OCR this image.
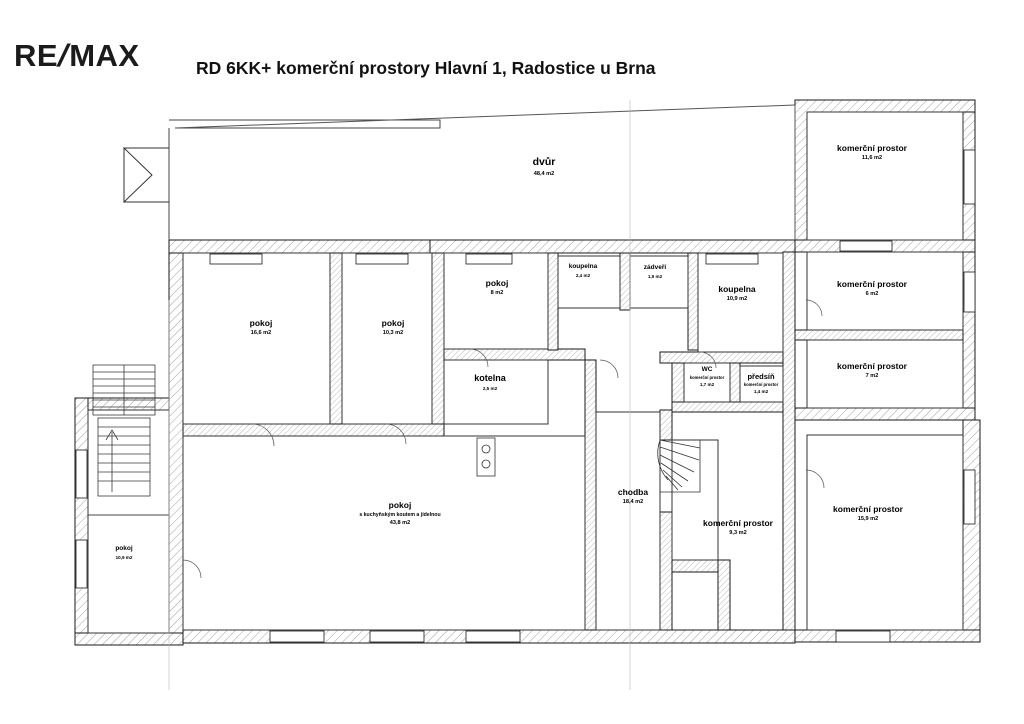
RE/MAX	RD 6KK+ komerční prostory Hlavní 1, Radostice u Brna
dvůr
48,4 m2
komerční prostor
11,6 m2
komerční prostor
6 m2
komerční prostor
7 m2
komerční prostor
15,9 m2
komerční prostor
9,3 m2
pokoj
16,6 m2
pokoj
10,3 m2
pokoj
8 m2
pokoj
s kuchyňským koutem a jídelnou
43,8 m2
pokoj
10,9 m2
koupelna
2,4 m2
zádveří
1,9 m2
koupelna
10,9 m2
kotelna
2,5 m2
WC
komerční prostor
1,7 m2
předsíň
komerční prostor
1,4 m2
chodba
18,4 m2
